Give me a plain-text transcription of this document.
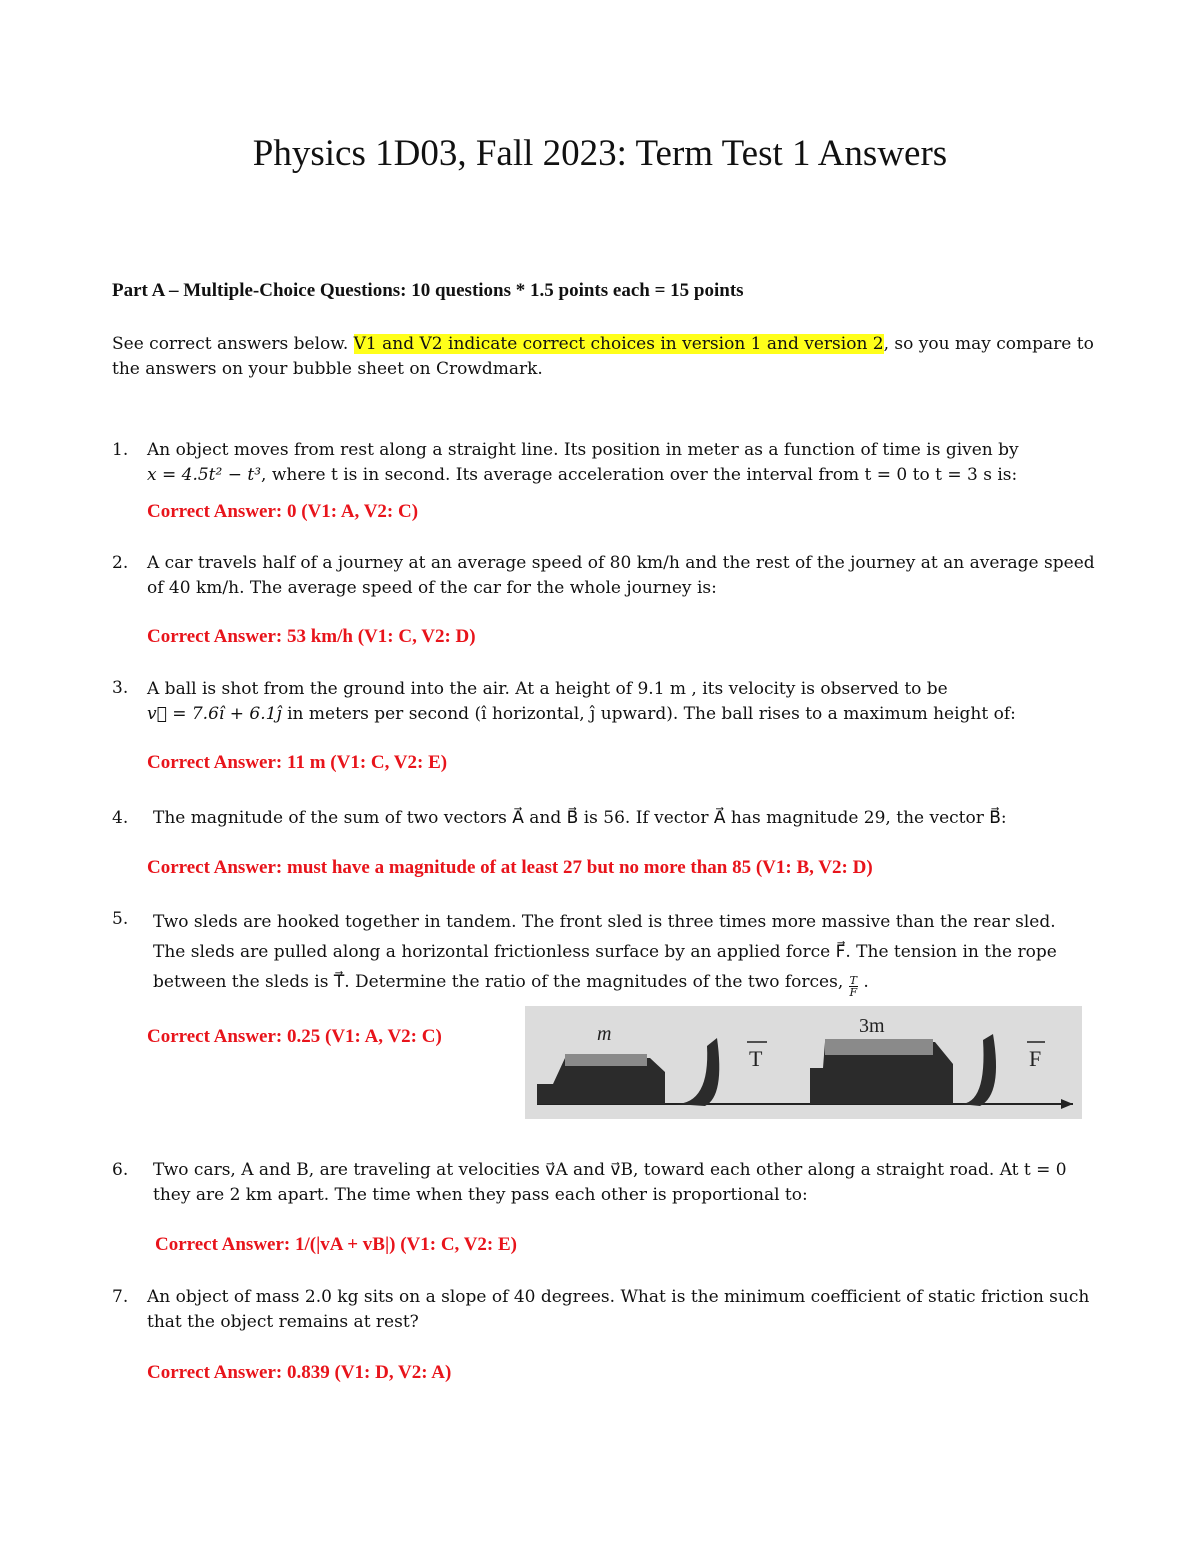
Physics 1D03, Fall 2023: Term Test 1 Answers
Part A – Multiple-Choice Questions: 10 questions * 1.5 points each = 15 points
See correct answers below. V1 and V2 indicate correct choices in version 1 and version 2, so you may compare to the answers on your bubble sheet on Crowdmark.
1. An object moves from rest along a straight line. Its position in meter as a function of time is given by
x = 4.5t² − t³, where t is in second. Its average acceleration over the interval from t = 0 to t = 3 s is:
Correct Answer: 0 (V1: A, V2: C)
2. A car travels half of a journey at an average speed of 80 km/h and the rest of the journey at an average speed of 40 km/h. The average speed of the car for the whole journey is:
Correct Answer: 53 km/h (V1: C, V2: D)
3. A ball is shot from the ground into the air. At a height of 9.1 m , its velocity is observed to be
v⃗ = 7.6î + 6.1ĵ in meters per second (î horizontal, ĵ upward). The ball rises to a maximum height of:
Correct Answer: 11 m (V1: C, V2: E)
4. The magnitude of the sum of two vectors A⃗ and B⃗ is 56. If vector A⃗ has magnitude 29, the vector B⃗:
Correct Answer: must have a magnitude of at least 27 but no more than 85 (V1: B, V2: D)
5. Two sleds are hooked together in tandem. The front sled is three times more massive than the rear sled. The sleds are pulled along a horizontal frictionless surface by an applied force F⃗. The tension in the rope between the sleds is T⃗. Determine the ratio of the magnitudes of the two forces, $\frac{T}{F}$ .
Correct Answer: 0.25 (V1: A, V2: C)	m	3m
T	F
6. Two cars, A and B, are traveling at velocities v⃗A and v⃗B, toward each other along a straight road. At t = 0 they are 2 km apart. The time when they pass each other is proportional to:
Correct Answer: 1/(|vA + vB|) (V1: C, V2: E)
7. An object of mass 2.0 kg sits on a slope of 40 degrees. What is the minimum coefficient of static friction such that the object remains at rest?
Correct Answer: 0.839 (V1: D, V2: A)
